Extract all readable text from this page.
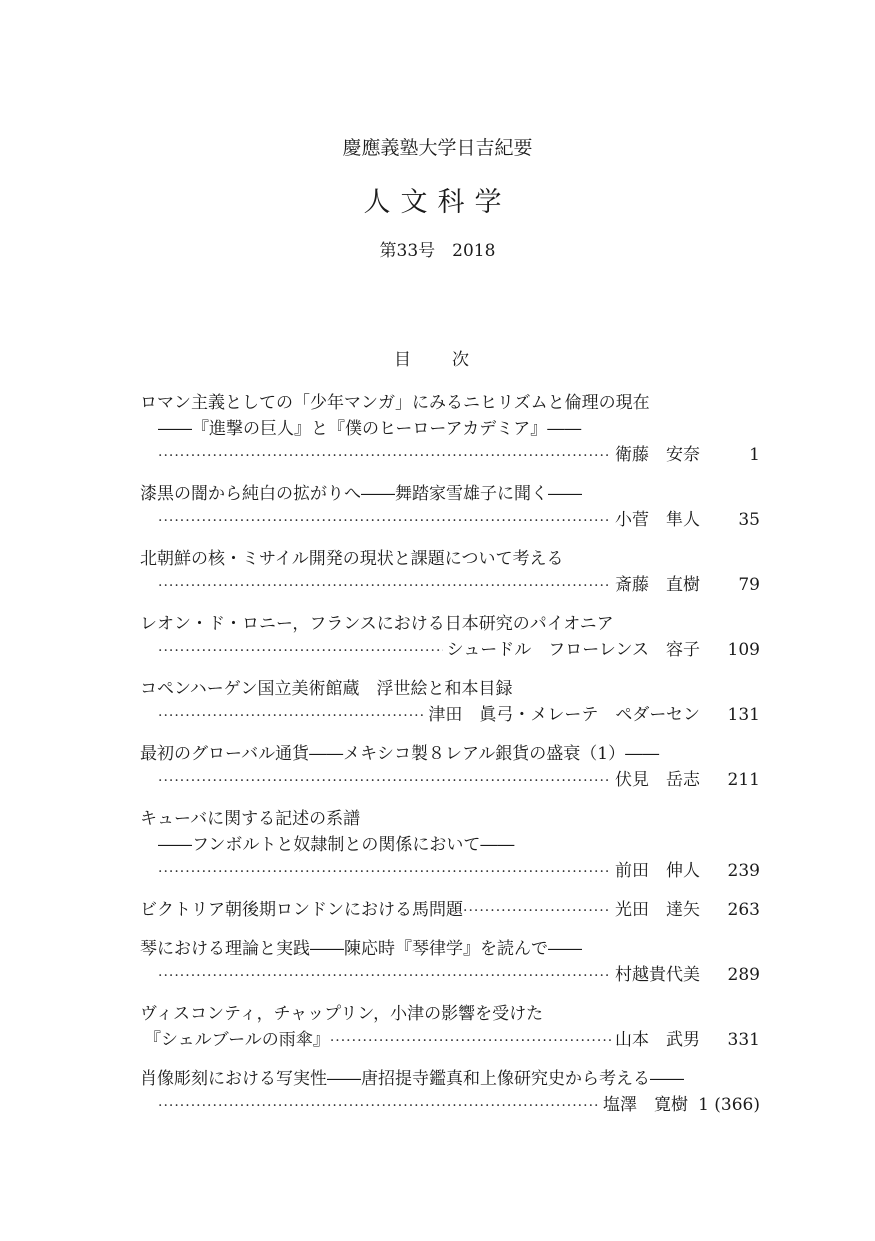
慶應義塾大学日吉紀要
人文科学
第33号　2018
目　次
ロマン主義としての「少年マンガ」にみるニヒリズムと倫理の現在
――『進撃の巨人』と『僕のヒーローアカデミア』――
·····
衛藤　安奈	1
漆黒の闇から純白の拡がりへ――舞踏家雪雄子に聞く――
·····
小菅　隼人	35
北朝鮮の核・ミサイル開発の現状と課題について考える
·····
斎藤　直樹	79
レオン・ド・ロニー，フランスにおける日本研究のパイオニア
·····
シュードル　フローレンス　容子	109
コペンハーゲン国立美術館蔵　浮世絵と和本目録
·····
津田　眞弓・メレーテ　ペダーセン	131
最初のグローバル通貨――メキシコ製８レアル銀貨の盛衰（1）――
·····
伏見　岳志	211
キューバに関する記述の系譜
――フンボルトと奴隷制との関係において――
·····
前田　伸人	239
ビクトリア朝後期ロンドンにおける馬問題 ·····	光田　達矢	263
琴における理論と実践――陳応時『琴律学』を読んで――
·····
村越貴代美	289
ヴィスコンティ，チャップリン，小津の影響を受けた
『シェルブールの雨傘』 ·····	山本　武男	331
肖像彫刻における写実性――唐招提寺鑑真和上像研究史から考える――
·····
塩澤　寛樹 1 (366)
